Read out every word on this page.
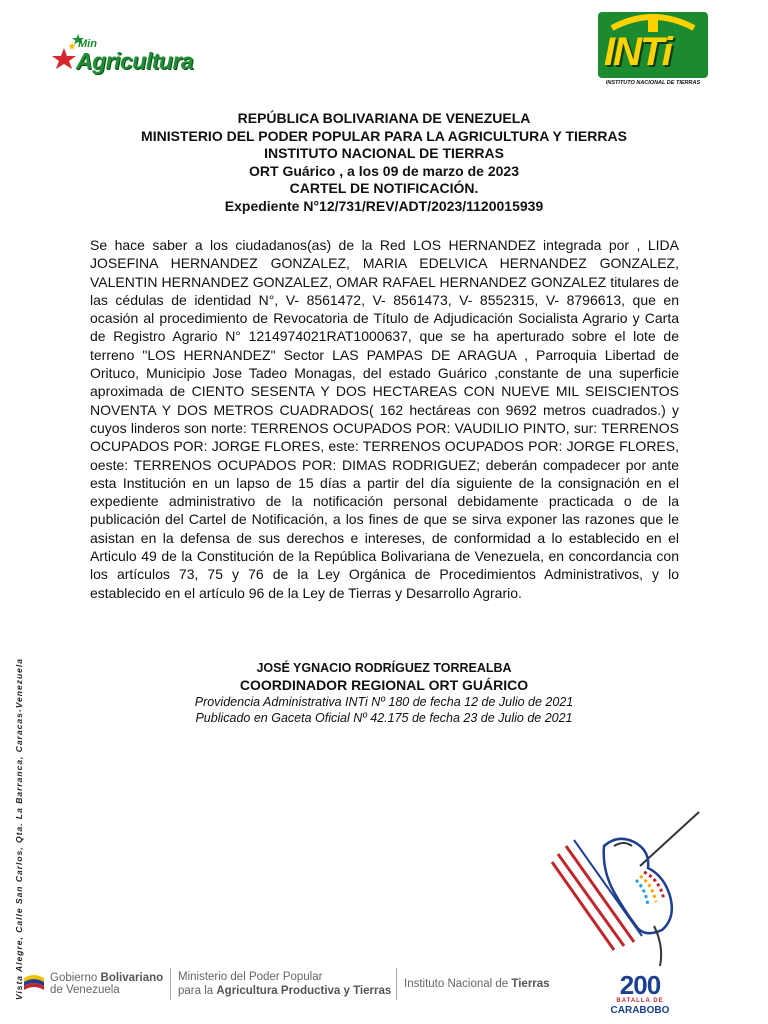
Min
Agricultura	INTi
INSTITUTO NACIONAL DE TIERRAS
REPÚBLICA BOLIVARIANA DE VENEZUELA
MINISTERIO DEL PODER POPULAR PARA LA AGRICULTURA Y TIERRAS
INSTITUTO NACIONAL DE TIERRAS
ORT Guárico , a los 09 de marzo de 2023
CARTEL DE NOTIFICACIÓN.
Expediente N°12/731/REV/ADT/2023/1120015939

Se hace saber a los ciudadanos(as) de la Red LOS HERNANDEZ integrada por , LIDA JOSEFINA HERNANDEZ GONZALEZ, MARIA EDELVICA HERNANDEZ GONZALEZ, VALENTIN HERNANDEZ GONZALEZ, OMAR RAFAEL HERNANDEZ GONZALEZ titulares de las cédulas de identidad N°, V- 8561472, V- 8561473, V- 8552315, V- 8796613, que en ocasión al procedimiento de Revocatoria de Título de Adjudicación Socialista Agrario y Carta de Registro Agrario N° 1214974021RAT1000637, que se ha aperturado sobre el lote de terreno "LOS HERNANDEZ" Sector LAS PAMPAS DE ARAGUA , Parroquia Libertad de Orituco, Municipio Jose Tadeo Monagas, del estado Guárico ,constante de una superficie aproximada de CIENTO SESENTA Y DOS HECTAREAS CON NUEVE MIL SEISCIENTOS NOVENTA Y DOS METROS CUADRADOS( 162 hectáreas con 9692 metros cuadrados.) y cuyos linderos son norte: TERRENOS OCUPADOS POR: VAUDILIO PINTO, sur: TERRENOS OCUPADOS POR: JORGE FLORES, este: TERRENOS OCUPADOS POR: JORGE FLORES, oeste: TERRENOS OCUPADOS POR: DIMAS RODRIGUEZ; deberán compadecer por ante esta Institución en un lapso de 15 días a partir del día siguiente de la consignación en el expediente administrativo de la notificación personal debidamente practicada o de la publicación del Cartel de Notificación, a los fines de que se sirva exponer las razones que le asistan en la defensa de sus derechos e intereses, de conformidad a lo establecido en el Articulo 49 de la Constitución de la República Bolivariana de Venezuela, en concordancia con los artículos 73, 75 y 76 de la Ley Orgánica de Procedimientos Administrativos, y lo establecido en el artículo 96 de la Ley de Tierras y Desarrollo Agrario.

JOSÉ YGNACIO RODRÍGUEZ TORREALBA
COORDINADOR REGIONAL ORT GUÁRICO
Providencia Administrativa INTi Nº 180 de fecha 12 de Julio de 2021
Publicado en Gaceta Oficial Nº 42.175 de fecha 23 de Julio de 2021
Vista Alegre, Calle San Carlos, Qta. La Barranca, Caracas-Venezuela	200
BATALLA DE
CARABOBO
Gobierno Bolivariano
de Venezuela
Ministerio del Poder Popular
para la Agricultura Productiva y Tierras
Instituto Nacional de Tierras
